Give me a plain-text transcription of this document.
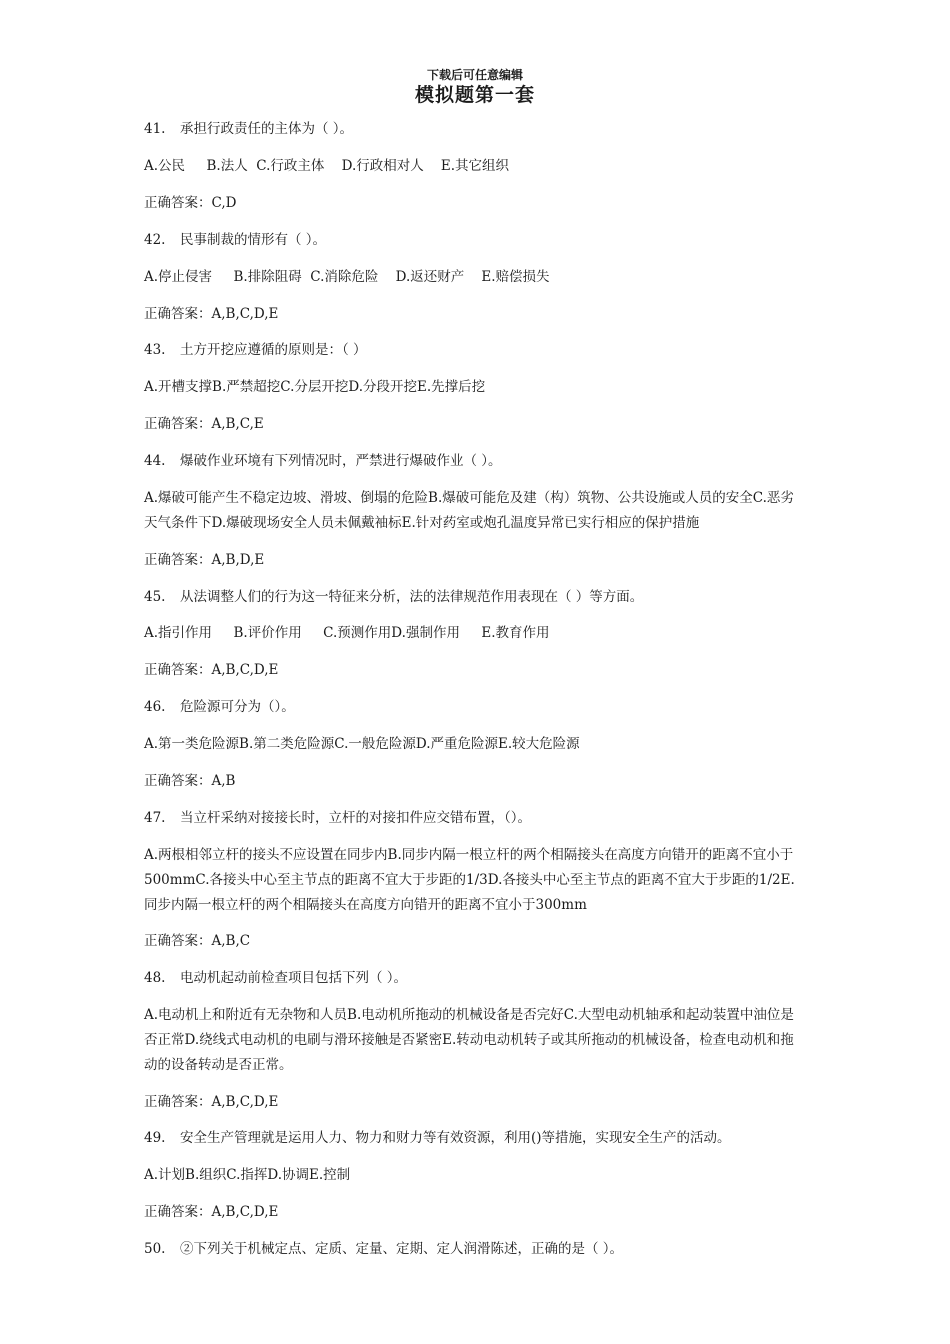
下载后可任意编辑
模拟题第一套
41. 承担行政责任的主体为（ ）。
A.公民     B.法人  C.行政主体    D.行政相对人    E.其它组织
正确答案：C,D
42. 民事制裁的情形有（ ）。
A.停止侵害     B.排除阻碍  C.消除危险    D.返还财产    E.赔偿损失
正确答案：A,B,C,D,E
43. 土方开挖应遵循的原则是：（ ）
A.开槽支撑B.严禁超挖C.分层开挖D.分段开挖E.先撑后挖
正确答案：A,B,C,E
44. 爆破作业环境有下列情况时，严禁进行爆破作业（ ）。
A.爆破可能产生不稳定边坡、滑坡、倒塌的危险B.爆破可能危及建（构）筑物、公共设施或人员的安全C.恶劣天气条件下D.爆破现场安全人员未佩戴袖标E.针对药室或炮孔温度异常已实行相应的保护措施
正确答案：A,B,D,E
45. 从法调整人们的行为这一特征来分析，法的法律规范作用表现在（ ）等方面。
A.指引作用     B.评价作用     C.预测作用D.强制作用     E.教育作用
正确答案：A,B,C,D,E
46. 危险源可分为（）。
A.第一类危险源B.第二类危险源C.一般危险源D.严重危险源E.较大危险源
正确答案：A,B
47. 当立杆采纳对接接长时，立杆的对接扣件应交错布置，（）。
A.两根相邻立杆的接头不应设置在同步内B.同步内隔一根立杆的两个相隔接头在高度方向错开的距离不宜小于500mmC.各接头中心至主节点的距离不宜大于步距的1/3D.各接头中心至主节点的距离不宜大于步距的1/2E.同步内隔一根立杆的两个相隔接头在高度方向错开的距离不宜小于300mm
正确答案：A,B,C
48. 电动机起动前检查项目包括下列（ ）。
A.电动机上和附近有无杂物和人员B.电动机所拖动的机械设备是否完好C.大型电动机轴承和起动装置中油位是否正常D.绕线式电动机的电刷与滑环接触是否紧密E.转动电动机转子或其所拖动的机械设备，检查电动机和拖动的设备转动是否正常。
正确答案：A,B,C,D,E
49. 安全生产管理就是运用人力、物力和财力等有效资源，利用()等措施，实现安全生产的活动。
A.计划B.组织C.指挥D.协调E.控制
正确答案：A,B,C,D,E
50. ②下列关于机械定点、定质、定量、定期、定人润滑陈述，正确的是（ ）。
